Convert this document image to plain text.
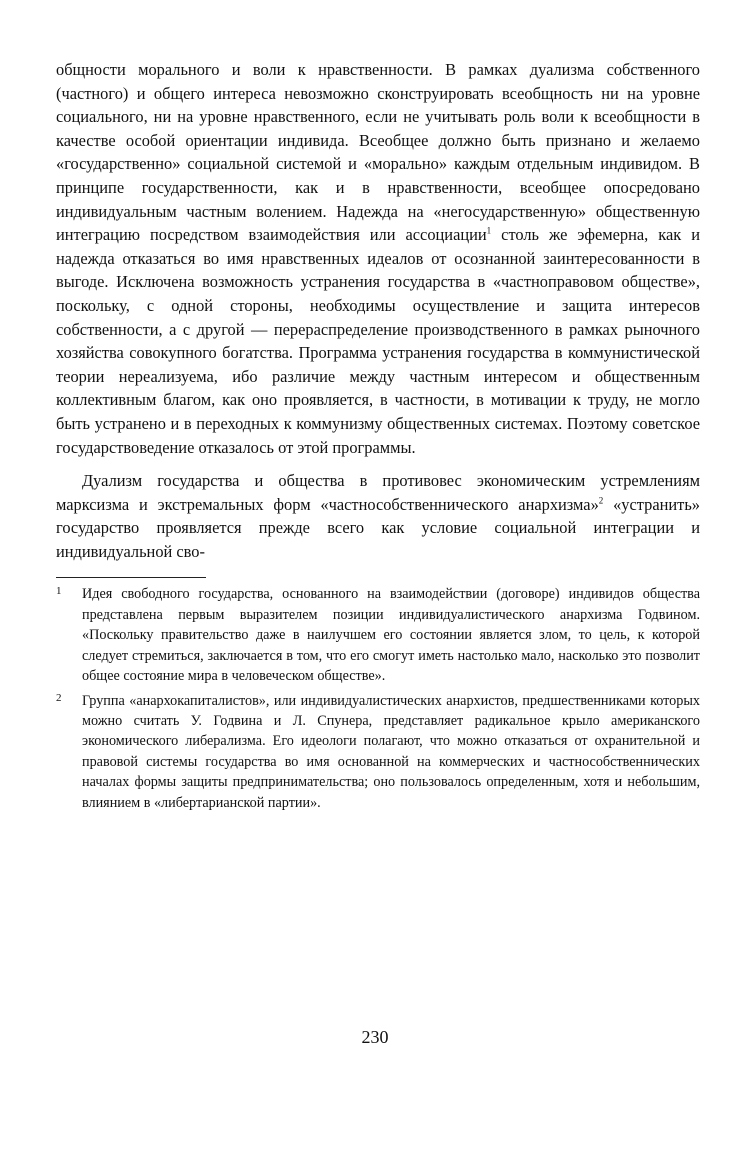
общности морального и воли к нравственности. В рамках дуализма собственного (частного) и общего интереса невозможно сконструировать всеобщность ни на уровне социального, ни на уровне нравственного, если не учитывать роль воли к всеобщности в качестве особой ориентации индивида. Всеобщее должно быть признано и желаемо «государственно» социальной системой и «морально» каждым отдельным индивидом. В принципе государственности, как и в нравственности, всеобщее опосредовано индивидуальным частным волением. Надежда на «негосударственную» общественную интеграцию посредством взаимодействия или ассоциации$^1$ столь же эфемерна, как и надежда отказаться во имя нравственных идеалов от осознанной заинтересованности в выгоде. Исключена возможность устранения государства в «частноправовом обществе», поскольку, с одной стороны, необходимы осуществление и защита интересов собственности, а с другой — перераспределение производственного в рамках рыночного хозяйства совокупного богатства. Программа устранения государства в коммунистической теории нереализуема, ибо различие между частным интересом и общественным коллективным благом, как оно проявляется, в частности, в мотивации к труду, не могло быть устранено и в переходных к коммунизму общественных системах. Поэтому советское государствоведение отказалось от этой программы.

Дуализм государства и общества в противовес экономическим устремлениям марксизма и экстремальных форм «частнособственнического анархизма»$^2$ «устранить» государство проявляется прежде всего как условие социальной интеграции и индивидуальной сво-

1	Идея свободного государства, основанного на взаимодействии (договоре) индивидов общества представлена первым выразителем позиции индивидуалистического анархизма Годвином. «Поскольку правительство даже в наилучшем его состоянии является злом, то цель, к которой следует стремиться, заключается в том, что его смогут иметь настолько мало, насколько это позволит общее состояние мира в человеческом обществе».
2	Группа «анархокапиталистов», или индивидуалистических анархистов, предшественниками которых можно считать У. Годвина и Л. Спунера, представляет радикальное крыло американского экономического либерализма. Его идеологи полагают, что можно отказаться от охранительной и правовой системы государства во имя основанной на коммерческих и частнособственнических началах формы защиты предпринимательства; оно пользовалось определенным, хотя и небольшим, влиянием в «либертарианской партии».
230
